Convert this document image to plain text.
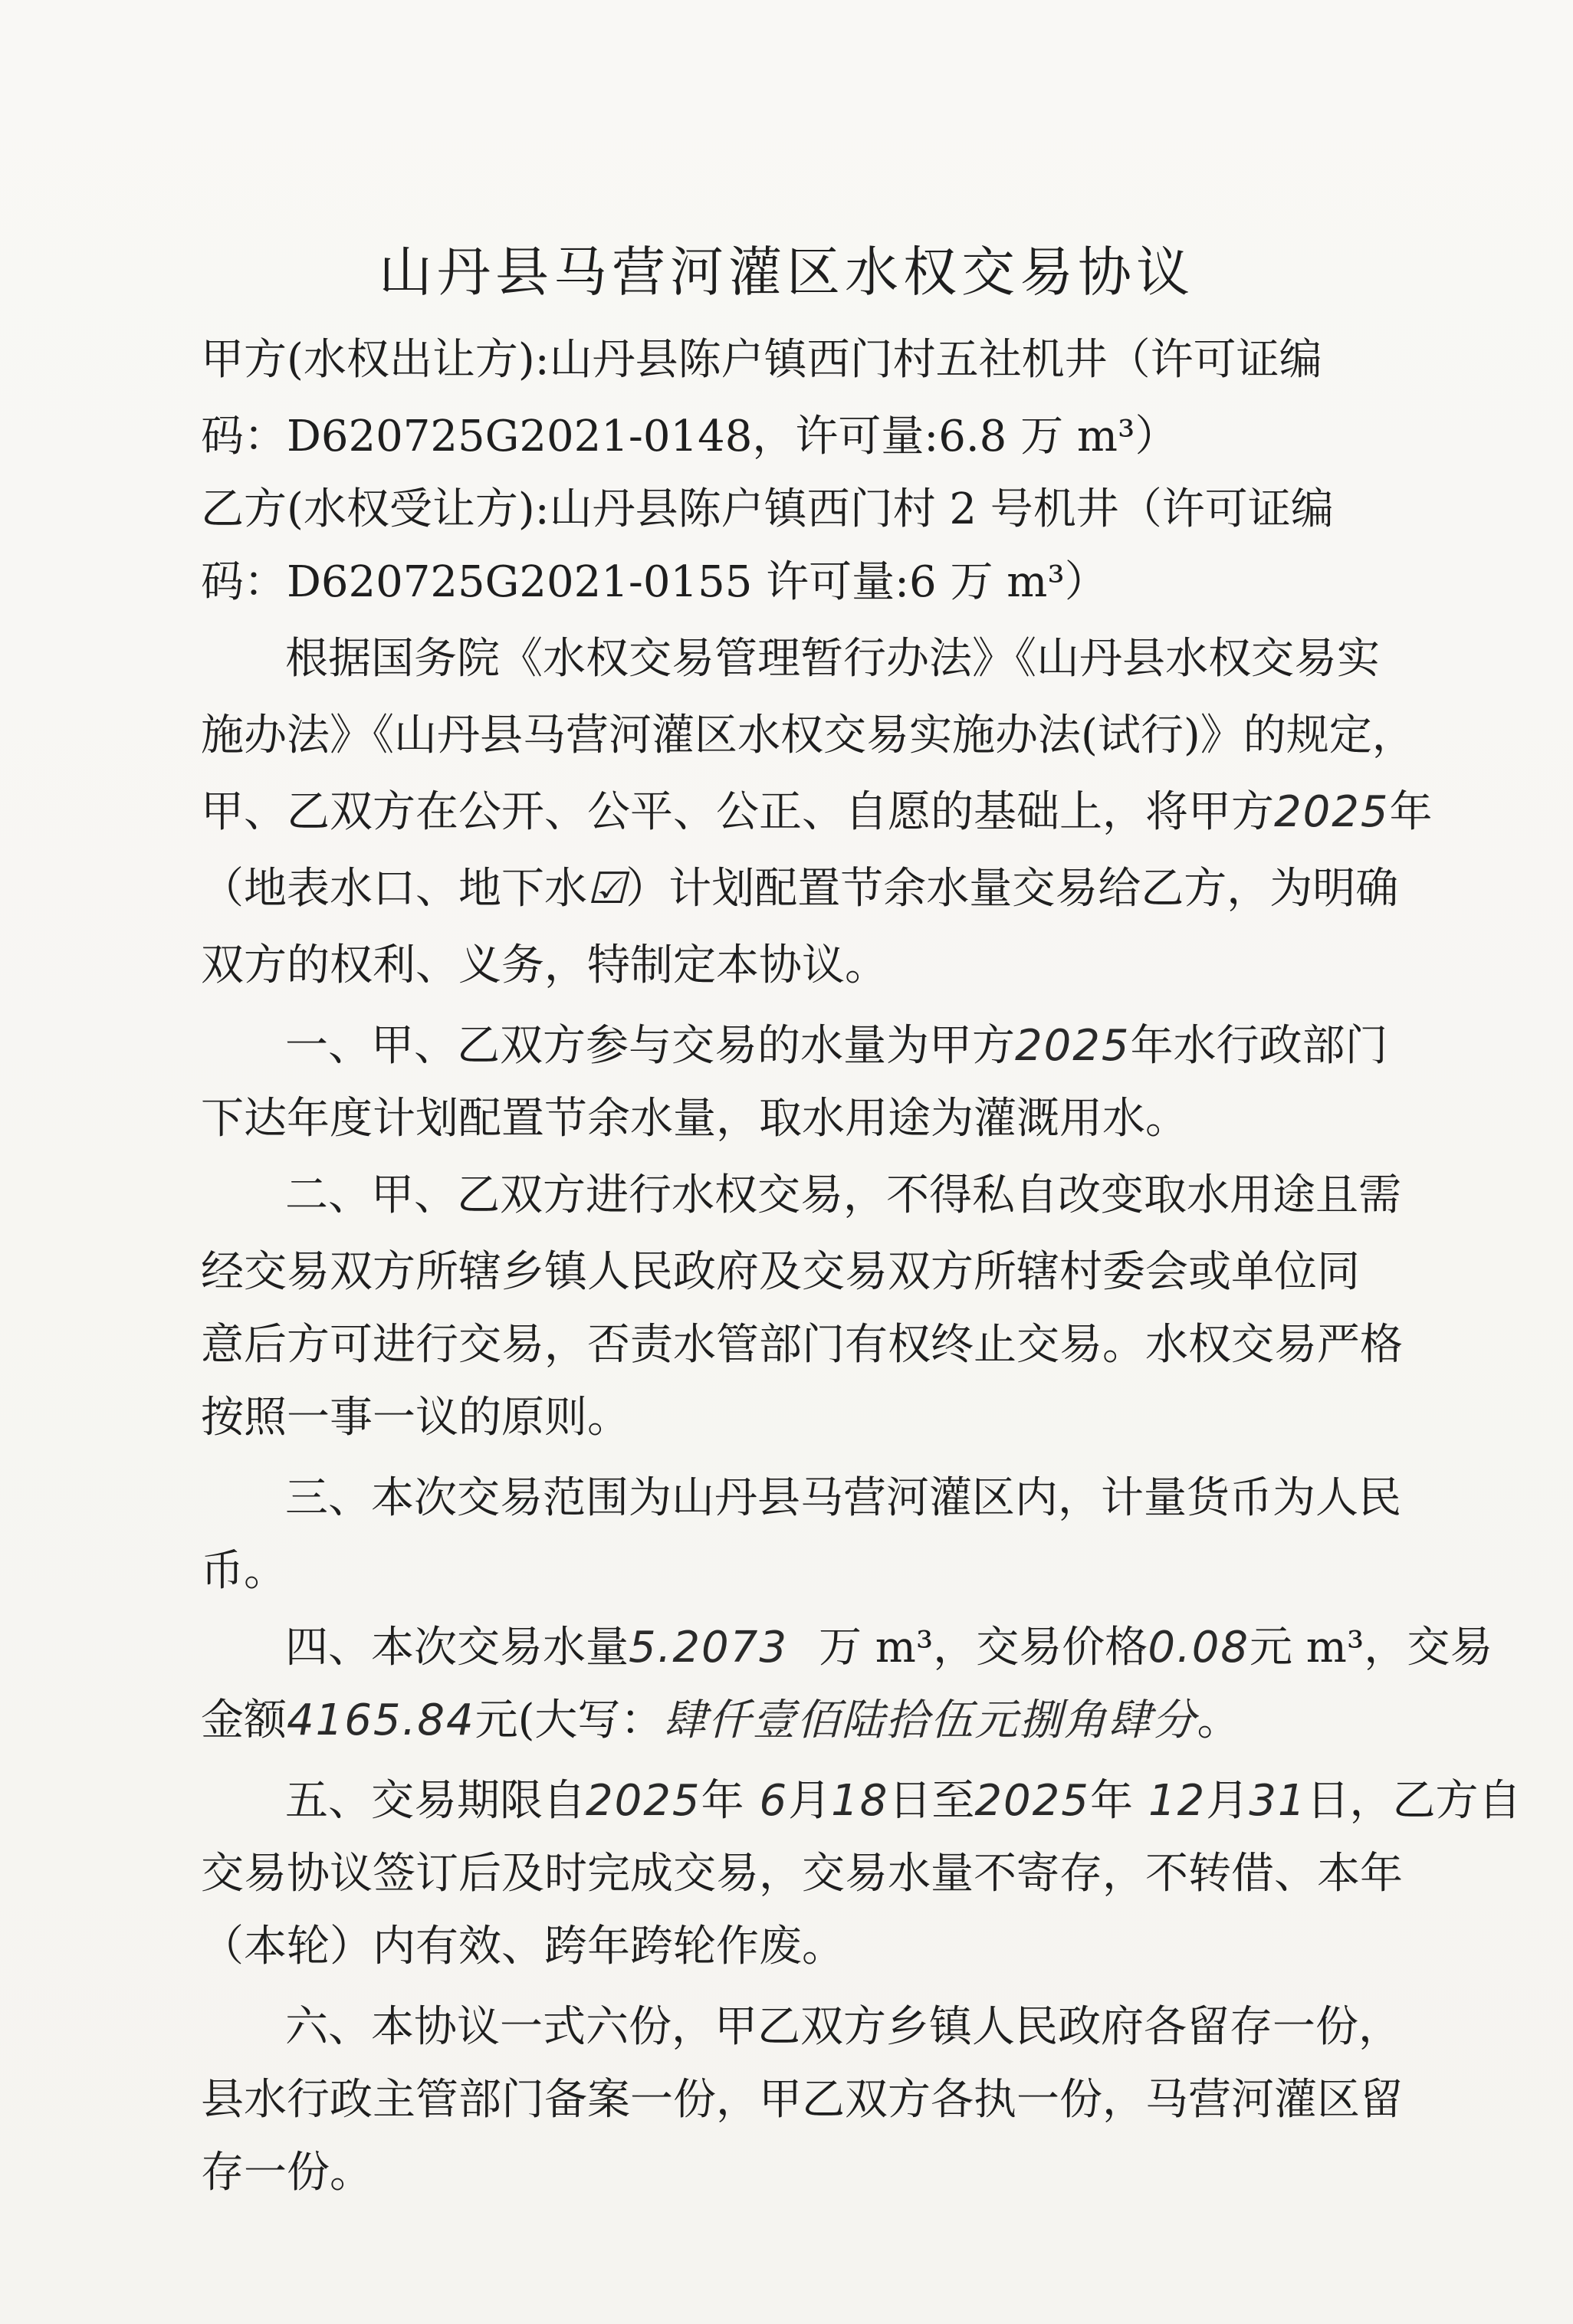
山丹县马营河灌区水权交易协议
甲方(水权出让方):山丹县陈户镇西门村五社机井（许可证编
码：D620725G2021-0148，许可量:6.8 万 m³）
乙方(水权受让方):山丹县陈户镇西门村 2 号机井（许可证编
码：D620725G2021-0155 许可量:6 万 m³）
根据国务院《水权交易管理暂行办法》《山丹县水权交易实
施办法》《山丹县马营河灌区水权交易实施办法(试行)》的规定，
甲、乙双方在公开、公平、公正、自愿的基础上，将甲方2025年
（地表水口、地下水☑）计划配置节余水量交易给乙方，为明确
双方的权利、义务，特制定本协议。
一、甲、乙双方参与交易的水量为甲方2025年水行政部门
下达年度计划配置节余水量，取水用途为灌溉用水。
二、甲、乙双方进行水权交易，不得私自改变取水用途且需
经交易双方所辖乡镇人民政府及交易双方所辖村委会或单位同
意后方可进行交易，否责水管部门有权终止交易。水权交易严格
按照一事一议的原则。
三、本次交易范围为山丹县马营河灌区内，计量货币为人民
币。
四、本次交易水量5.2073 万 m³，交易价格0.08元 m³，交易
金额4165.84元(大写：肆仟壹佰陆拾伍元捌角肆分。
五、交易期限自2025年 6月18日至2025年 12月31日，乙方自
交易协议签订后及时完成交易，交易水量不寄存，不转借、本年
（本轮）内有效、跨年跨轮作废。
六、本协议一式六份，甲乙双方乡镇人民政府各留存一份，
县水行政主管部门备案一份，甲乙双方各执一份，马营河灌区留
存一份。
